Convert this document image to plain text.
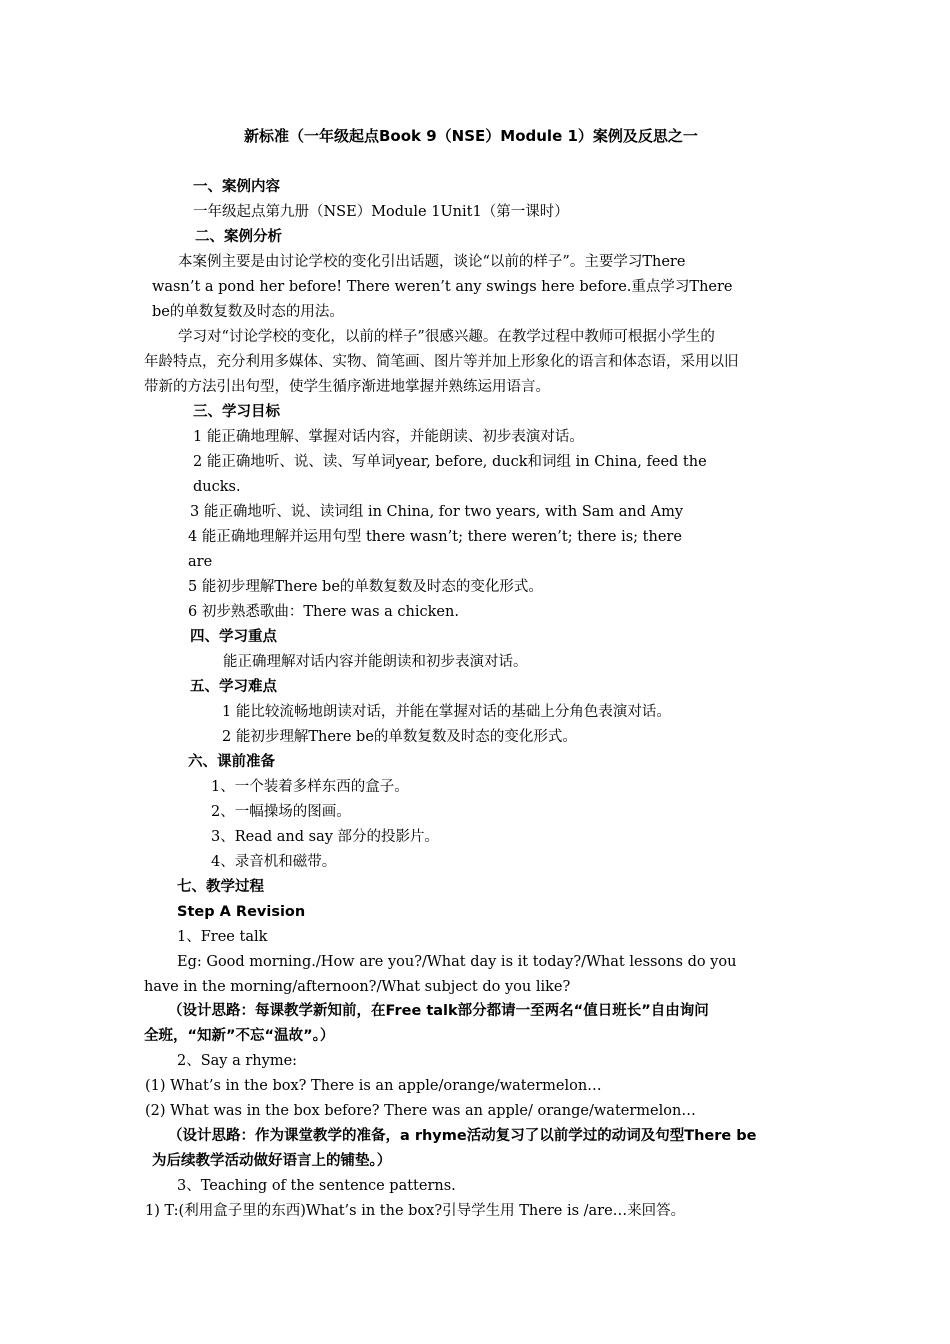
新标准（一年级起点Book 9（NSE）Module 1）案例及反思之一
一、案例内容
一年级起点第九册（NSE）Module 1Unit1（第一课时）
二、案例分析
本案例主要是由讨论学校的变化引出话题，谈论“以前的样子”。主要学习There
wasn’t a pond her before! There weren’t any swings here before.重点学习There
be的单数复数及时态的用法。
学习对“讨论学校的变化，以前的样子”很感兴趣。在教学过程中教师可根据小学生的
年龄特点，充分利用多媒体、实物、简笔画、图片等并加上形象化的语言和体态语，采用以旧
带新的方法引出句型，使学生循序渐进地掌握并熟练运用语言。
三、学习目标
1 能正确地理解、掌握对话内容，并能朗读、初步表演对话。
2 能正确地听、说、读、写单词year, before, duck和词组 in China, feed the
ducks.
3 能正确地听、说、读词组 in China, for two years, with Sam and Amy
4 能正确地理解并运用句型 there wasn’t; there weren’t; there is; there
are
5 能初步理解There be的单数复数及时态的变化形式。
6 初步熟悉歌曲：There was a chicken.
四、学习重点
能正确理解对话内容并能朗读和初步表演对话。
五、学习难点
1 能比较流畅地朗读对话，并能在掌握对话的基础上分角色表演对话。
2 能初步理解There be的单数复数及时态的变化形式。
六、课前准备
1、一个装着多样东西的盒子。
2、一幅操场的图画。
3、Read and say 部分的投影片。
4、录音机和磁带。
七、教学过程
Step A Revision
1、Free talk
Eg: Good morning./How are you?/What day is it today?/What lessons do you
have in the morning/afternoon?/What subject do you like?
（设计思路：每课教学新知前，在Free talk部分都请一至两名“值日班长”自由询问
全班，“知新”不忘“温故”。）
2、Say a rhyme:
(1) What’s in the box? There is an apple/orange/watermelon…
(2) What was in the box before? There was an apple/ orange/watermelon…
（设计思路：作为课堂教学的准备，a rhyme活动复习了以前学过的动词及句型There be
为后续教学活动做好语言上的铺垫。）
3、Teaching of the sentence patterns.
1) T:(利用盒子里的东西)What’s in the box?引导学生用 There is /are…来回答。
